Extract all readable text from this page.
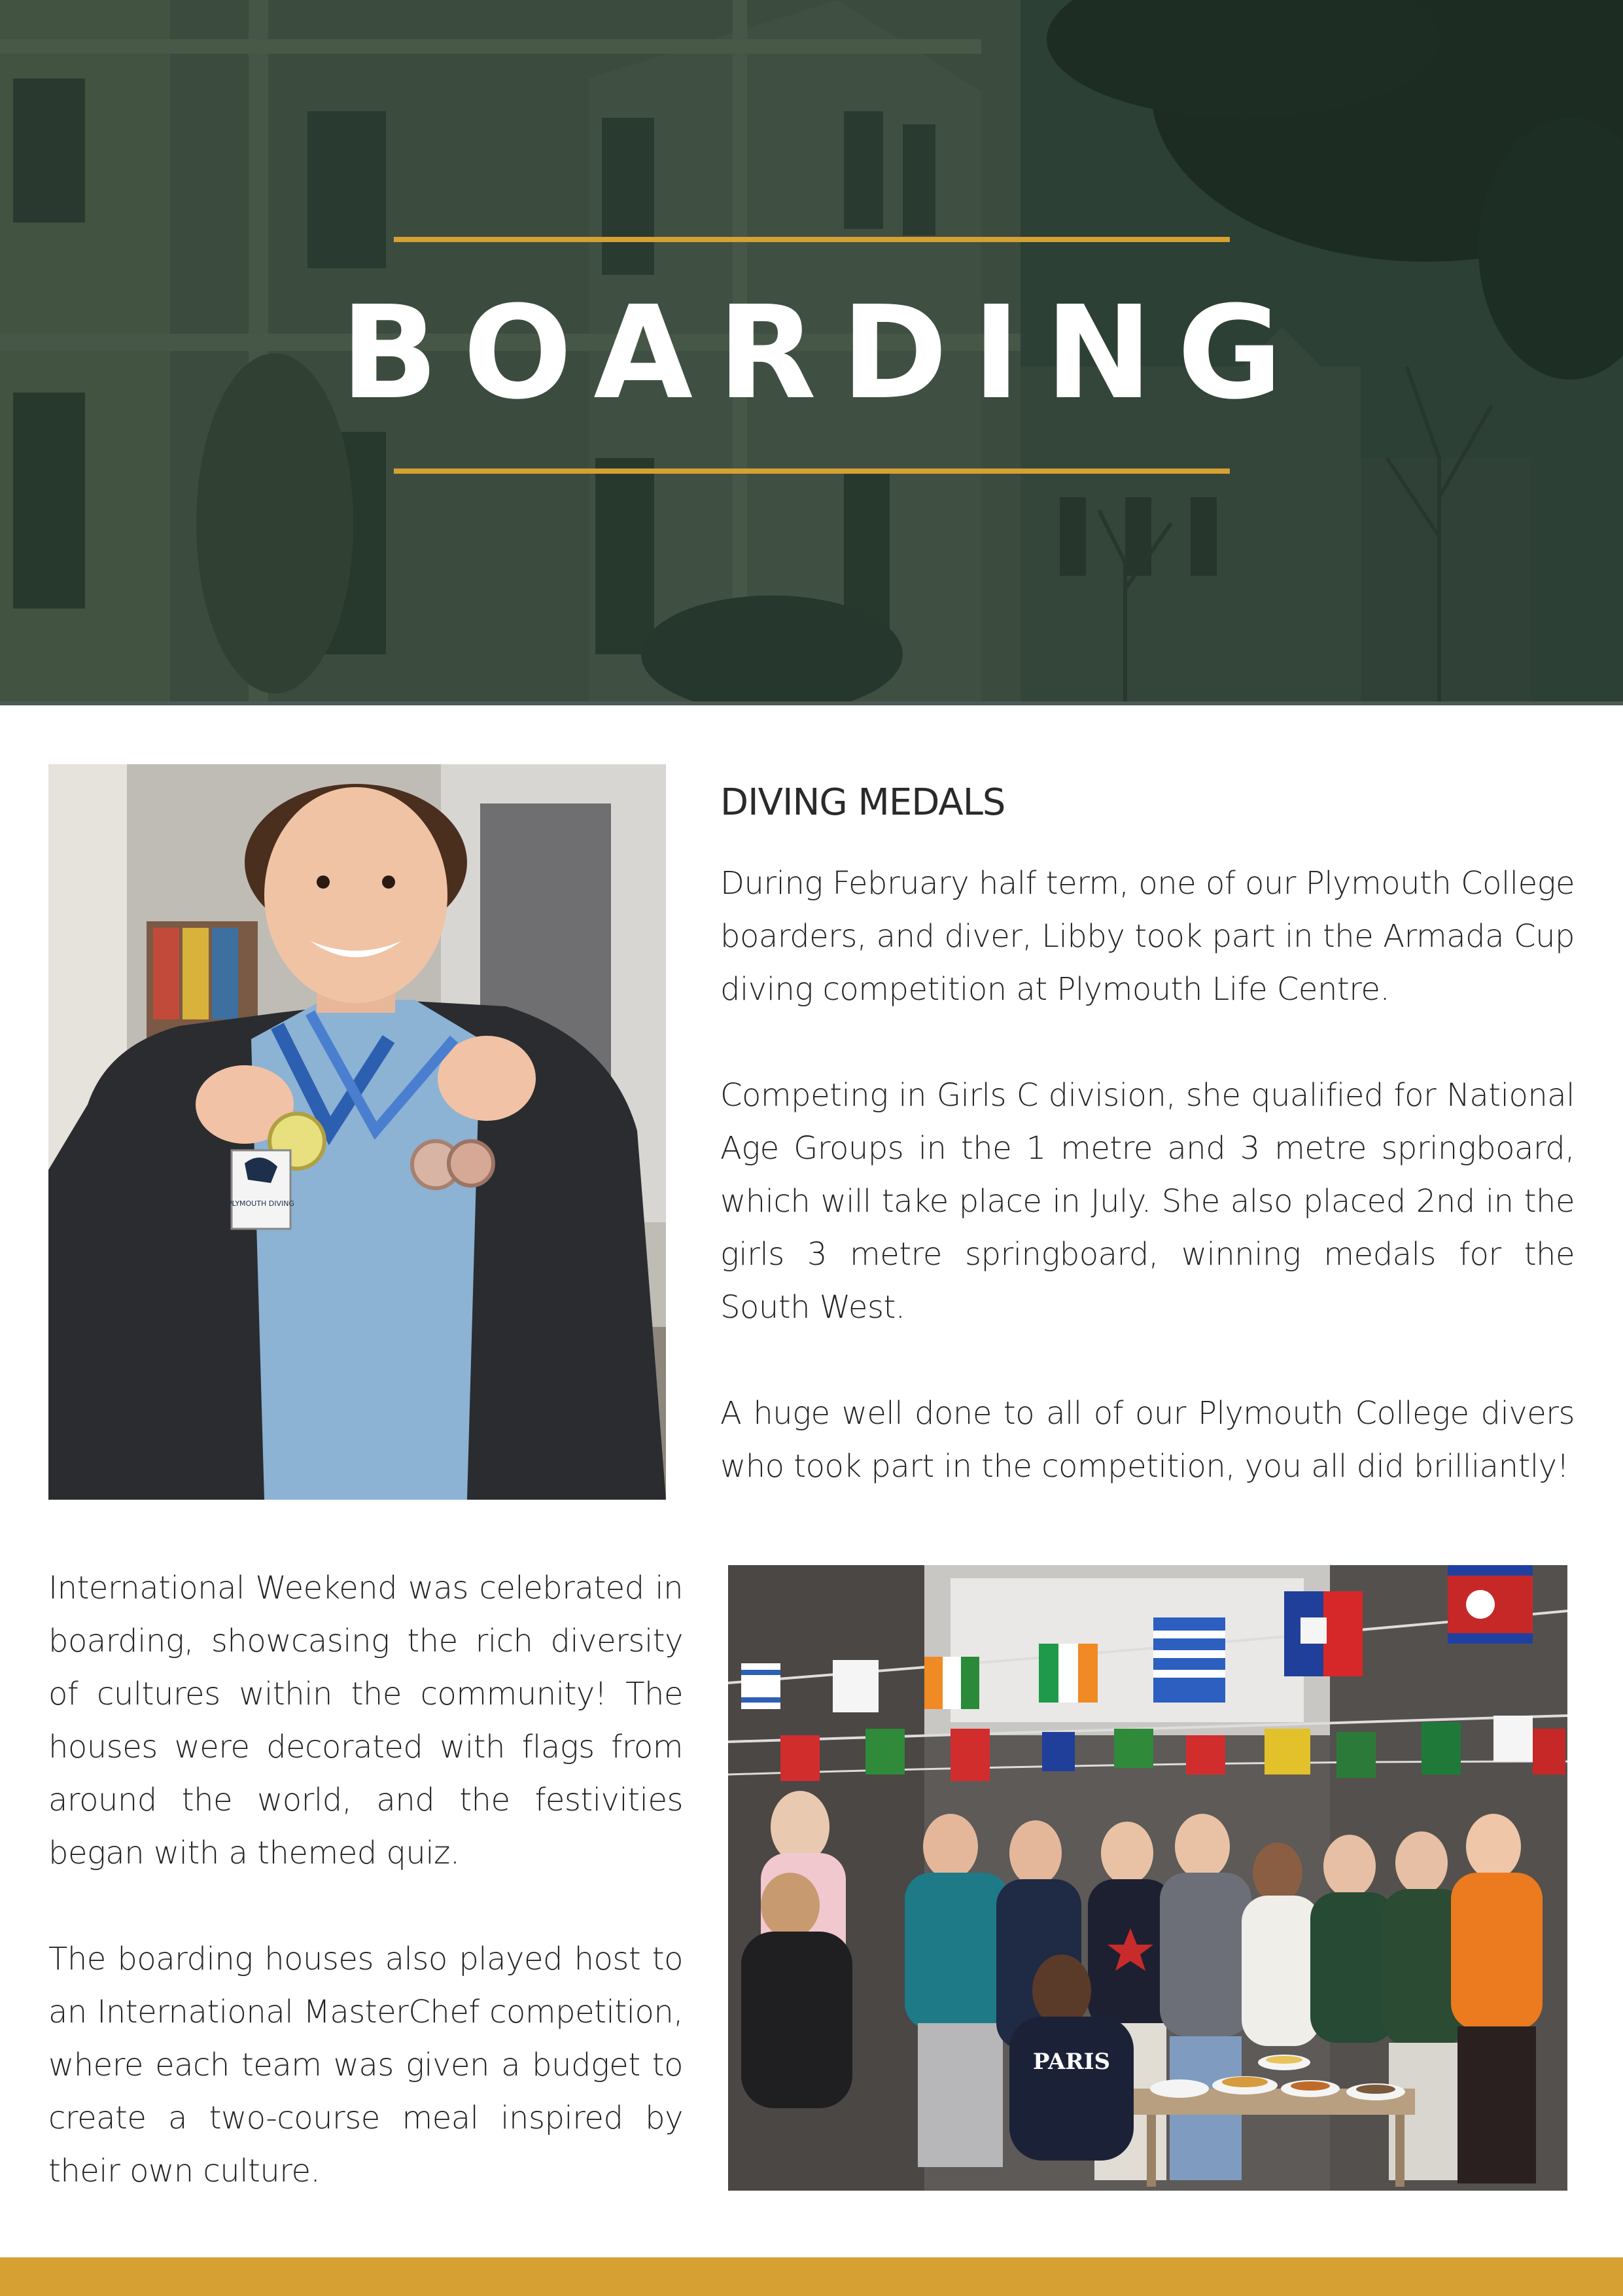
BOARDING
PLYMOUTH DIVING
DIVING MEDALS

During February half term, one of our Plymouth College boarders, and diver, Libby took part in the Armada Cup diving competition at Plymouth Life Centre.

Competing in Girls C division, she qualified for National Age Groups in the 1 metre and 3 metre springboard, which will take place in July. She also placed 2nd in the girls 3 metre springboard, winning medals for the South West.

A huge well done to all of our Plymouth College divers who took part in the competition, you all did brilliantly!

International Weekend was celebrated in boarding, showcasing the rich diversity of cultures within the community! The houses were decorated with flags from around the world, and the festivities began with a themed quiz.

The boarding houses also played host to an International MasterChef competition, where each team was given a budget to create a two-course meal inspired by their own culture.

PARIS
